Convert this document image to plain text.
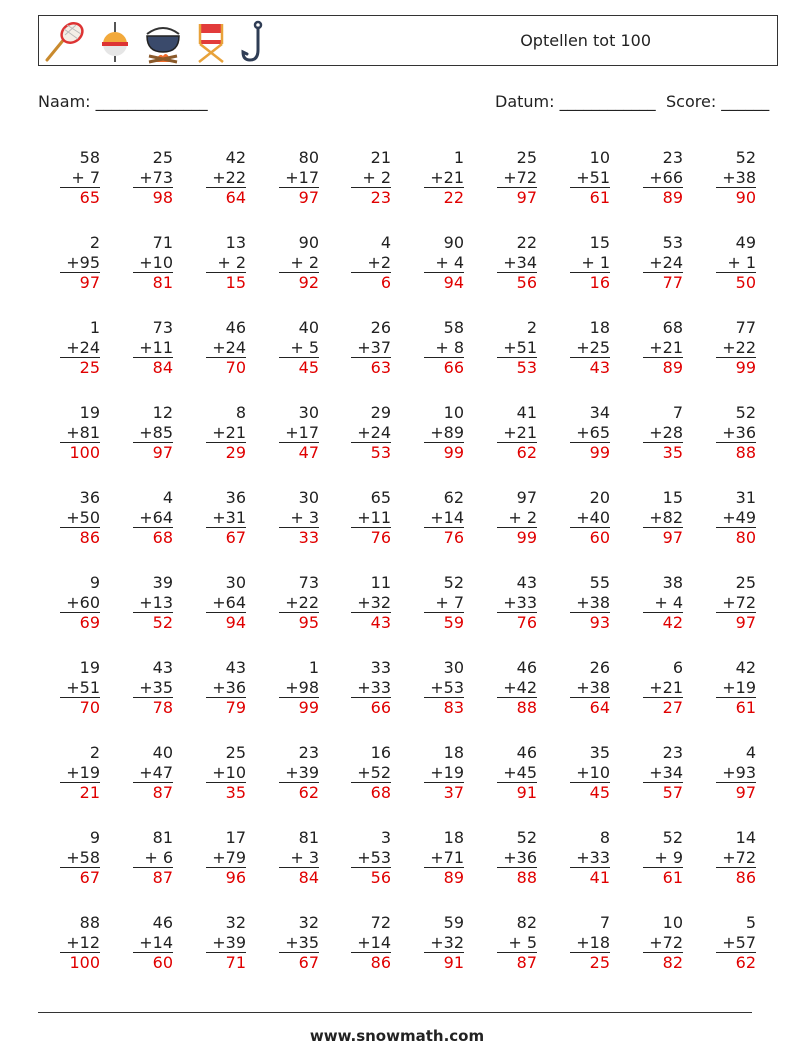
Optellen tot 100
Naam: ______________	Datum: ____________ Score: ______
58
+ 7
65
25
+73
98
42
+22
64
80
+17
97
21
+ 2
23
1
+21
22
25
+72
97
10
+51
61
23
+66
89
52
+38
90
2
+95
97
71
+10
81
13
+ 2
15
90
+ 2
92
4
+2
6
90
+ 4
94
22
+34
56
15
+ 1
16
53
+24
77
49
+ 1
50
1
+24
25
73
+11
84
46
+24
70
40
+ 5
45
26
+37
63
58
+ 8
66
2
+51
53
18
+25
43
68
+21
89
77
+22
99
19
+81
100
12
+85
97
8
+21
29
30
+17
47
29
+24
53
10
+89
99
41
+21
62
34
+65
99
7
+28
35
52
+36
88
36
+50
86
4
+64
68
36
+31
67
30
+ 3
33
65
+11
76
62
+14
76
97
+ 2
99
20
+40
60
15
+82
97
31
+49
80
9
+60
69
39
+13
52
30
+64
94
73
+22
95
11
+32
43
52
+ 7
59
43
+33
76
55
+38
93
38
+ 4
42
25
+72
97
19
+51
70
43
+35
78
43
+36
79
1
+98
99
33
+33
66
30
+53
83
46
+42
88
26
+38
64
6
+21
27
42
+19
61
2
+19
21
40
+47
87
25
+10
35
23
+39
62
16
+52
68
18
+19
37
46
+45
91
35
+10
45
23
+34
57
4
+93
97
9
+58
67
81
+ 6
87
17
+79
96
81
+ 3
84
3
+53
56
18
+71
89
52
+36
88
8
+33
41
52
+ 9
61
14
+72
86
88
+12
100
46
+14
60
32
+39
71
32
+35
67
72
+14
86
59
+32
91
82
+ 5
87
7
+18
25
10
+72
82
5
+57
62
www.snowmath.com
